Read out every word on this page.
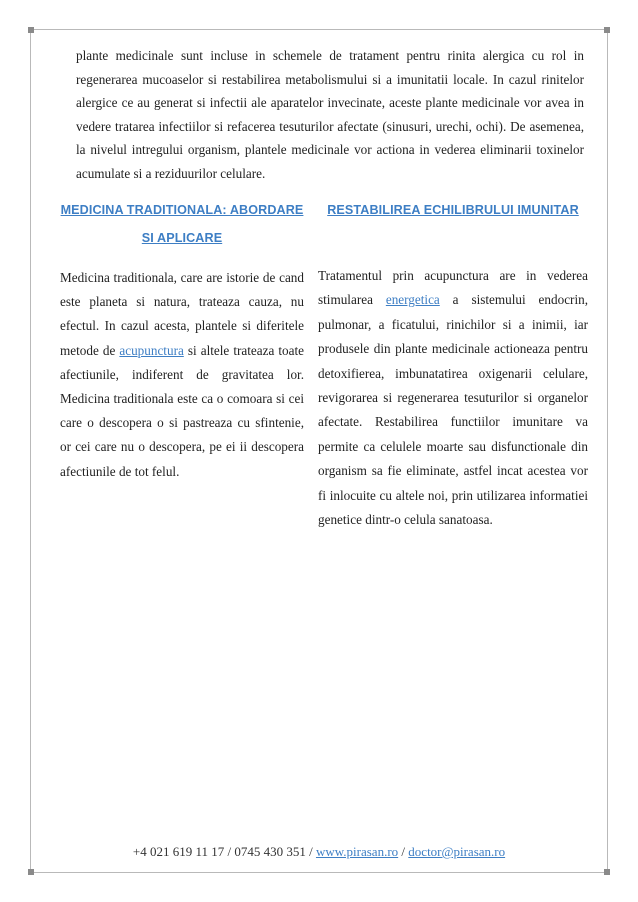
plante medicinale sunt incluse in schemele de tratament pentru rinita alergica cu rol in regenerarea mucoaselor si restabilirea metabolismului si a imunitatii locale. In cazul rinitelor alergice ce au generat si infectii ale aparatelor invecinate, aceste plante medicinale vor avea in vedere tratarea infectiilor si refacerea tesuturilor afectate (sinusuri, urechi, ochi). De asemenea, la nivelul intregului organism, plantele medicinale vor actiona in vederea eliminarii toxinelor acumulate si a reziduurilor celulare.
MEDICINA TRADITIONALA: ABORDARE SI APLICARE
Medicina traditionala, care are istorie de cand este planeta si natura, trateaza cauza, nu efectul. In cazul acesta, plantele si diferitele metode de acupunctura si altele trateaza toate afectiunile, indiferent de gravitatea lor. Medicina traditionala este ca o comoara si cei care o descopera o si pastreaza cu sfintenie, or cei care nu o descopera, pe ei ii descopera afectiunile de tot felul.
RESTABILIREA ECHILIBRULUI IMUNITAR
Tratamentul prin acupunctura are in vederea stimularea energetica a sistemului endocrin, pulmonar, a ficatului, rinichilor si a inimii, iar produsele din plante medicinale actioneaza pentru detoxifierea, imbunatatirea oxigenarii celulare, revigorarea si regenerarea tesuturilor si organelor afectate. Restabilirea functiilor imunitare va permite ca celulele moarte sau disfunctionale din organism sa fie eliminate, astfel incat acestea vor fi inlocuite cu altele noi, prin utilizarea informatiei genetice dintr-o celula sanatoasa.
+4 021 619 11 17 / 0745 430 351 / www.pirasan.ro / doctor@pirasan.ro
